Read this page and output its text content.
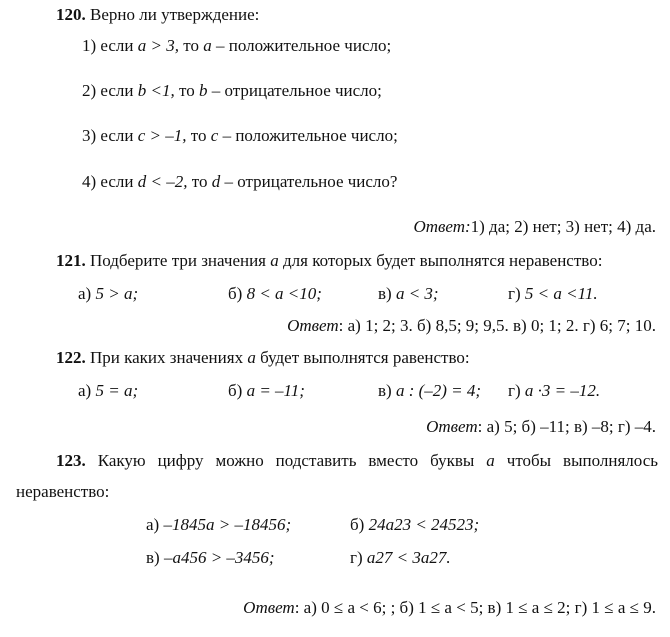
120. Верно ли утверждение:
1) если a > 3, то a – положительное число;
2) если b <1, то b – отрицательное число;
3) если c > –1, то c – положительное число;
4) если d < –2, то d – отрицательное число?
Ответ:1) да; 2) нет; 3) нет; 4) да.
121. Подберите три значения а для которых будет выполнятся неравенство:
а) 5 > a;	б) 8 < a <10;	в) a < 3;	г) 5 < a <11.
Ответ: а) 1; 2; 3. б) 8,5; 9; 9,5. в) 0; 1; 2. г) 6; 7; 10.
122. При каких значениях а будет выполнятся равенство:
а) 5 = a;	б) a = –11;	в) a : (–2) = 4; г) a ·3 = –12.
Ответ: а) 5; б) –11; в) –8; г) –4.
123. Какую цифру можно подставить вместо буквы а чтобы выполнялось
неравенство:
а) –1845a > –18456;	б) 24a23 < 24523;
в) –a456 > –3456;	г) a27 < 3a27.
Ответ: а) 0 ≤ a < 6; ; б) 1 ≤ a < 5; в) 1 ≤ a ≤ 2; г) 1 ≤ a ≤ 9.
